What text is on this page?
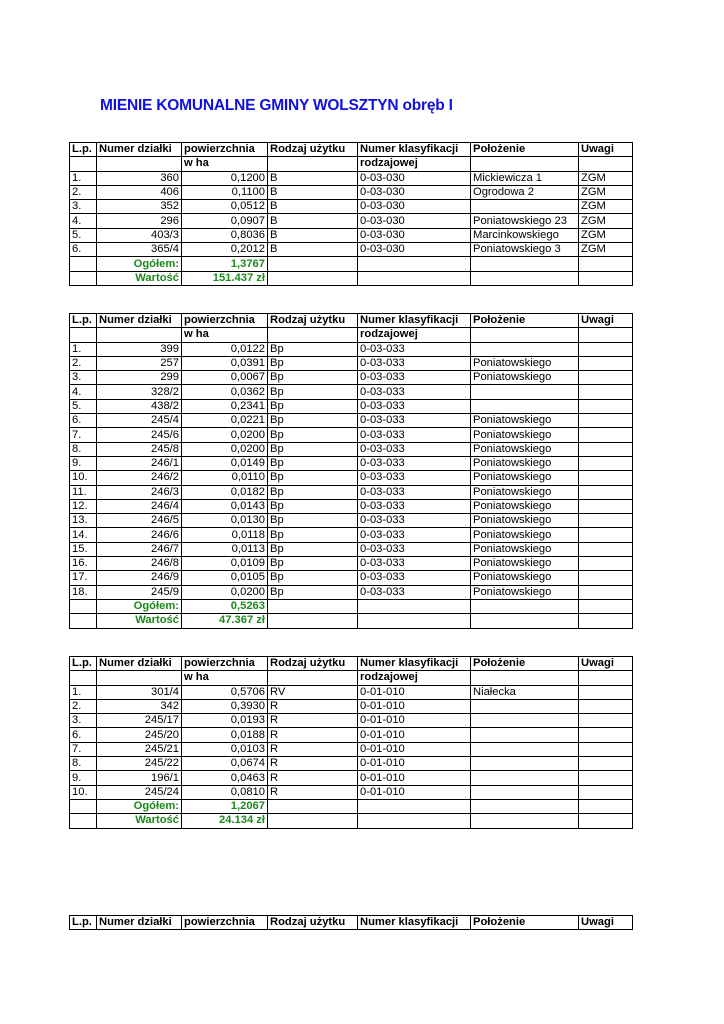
MIENIE KOMUNALNE GMINY WOLSZTYN obręb I
L.p.	Numer działki	powierzchnia	Rodzaj użytku	Numer klasyfikacji	Położenie	Uwagi
		w ha		rodzajowej		
1.	360	0,1200	B	0-03-030	Mickiewicza 1	ZGM
2.	406	0,1100	B	0-03-030	Ogrodowa 2	ZGM
3.	352	0,0512	B	0-03-030		ZGM
4.	296	0,0907	B	0-03-030	Poniatowskiego 23	ZGM
5.	403/3	0,8036	B	0-03-030	Marcinkowskiego	ZGM
6.	365/4	0,2012	B	0-03-030	Poniatowskiego 3	ZGM
	Ogółem:	1,3767				
	Wartość	151.437 zł				
L.p.	Numer działki	powierzchnia	Rodzaj użytku	Numer klasyfikacji	Położenie	Uwagi
		w ha		rodzajowej		
1.	399	0,0122	Bp	0-03-033		
2.	257	0,0391	Bp	0-03-033	Poniatowskiego	
3.	299	0,0067	Bp	0-03-033	Poniatowskiego	
4.	328/2	0,0362	Bp	0-03-033		
5.	438/2	0,2341	Bp	0-03-033		
6.	245/4	0,0221	Bp	0-03-033	Poniatowskiego	
7.	245/6	0,0200	Bp	0-03-033	Poniatowskiego	
8.	245/8	0,0200	Bp	0-03-033	Poniatowskiego	
9.	246/1	0,0149	Bp	0-03-033	Poniatowskiego	
10.	246/2	0,0110	Bp	0-03-033	Poniatowskiego	
11.	246/3	0,0182	Bp	0-03-033	Poniatowskiego	
12.	246/4	0,0143	Bp	0-03-033	Poniatowskiego	
13.	246/5	0,0130	Bp	0-03-033	Poniatowskiego	
14.	246/6	0,0118	Bp	0-03-033	Poniatowskiego	
15.	246/7	0,0113	Bp	0-03-033	Poniatowskiego	
16.	246/8	0,0109	Bp	0-03-033	Poniatowskiego	
17.	246/9	0,0105	Bp	0-03-033	Poniatowskiego	
18.	245/9	0,0200	Bp	0-03-033	Poniatowskiego	
	Ogółem:	0,5263				
	Wartość	47.367 zł				
L.p.	Numer działki	powierzchnia	Rodzaj użytku	Numer klasyfikacji	Położenie	Uwagi
		w ha		rodzajowej		
1.	301/4	0,5706	RV	0-01-010	Niałecka	
2.	342	0,3930	R	0-01-010		
3.	245/17	0,0193	R	0-01-010		
6.	245/20	0,0188	R	0-01-010		
7.	245/21	0,0103	R	0-01-010		
8.	245/22	0,0674	R	0-01-010		
9.	196/1	0,0463	R	0-01-010		
10.	245/24	0,0810	R	0-01-010		
	Ogółem:	1,2067				
	Wartość	24.134 zł				
L.p.	Numer działki	powierzchnia	Rodzaj użytku	Numer klasyfikacji	Położenie	Uwagi
